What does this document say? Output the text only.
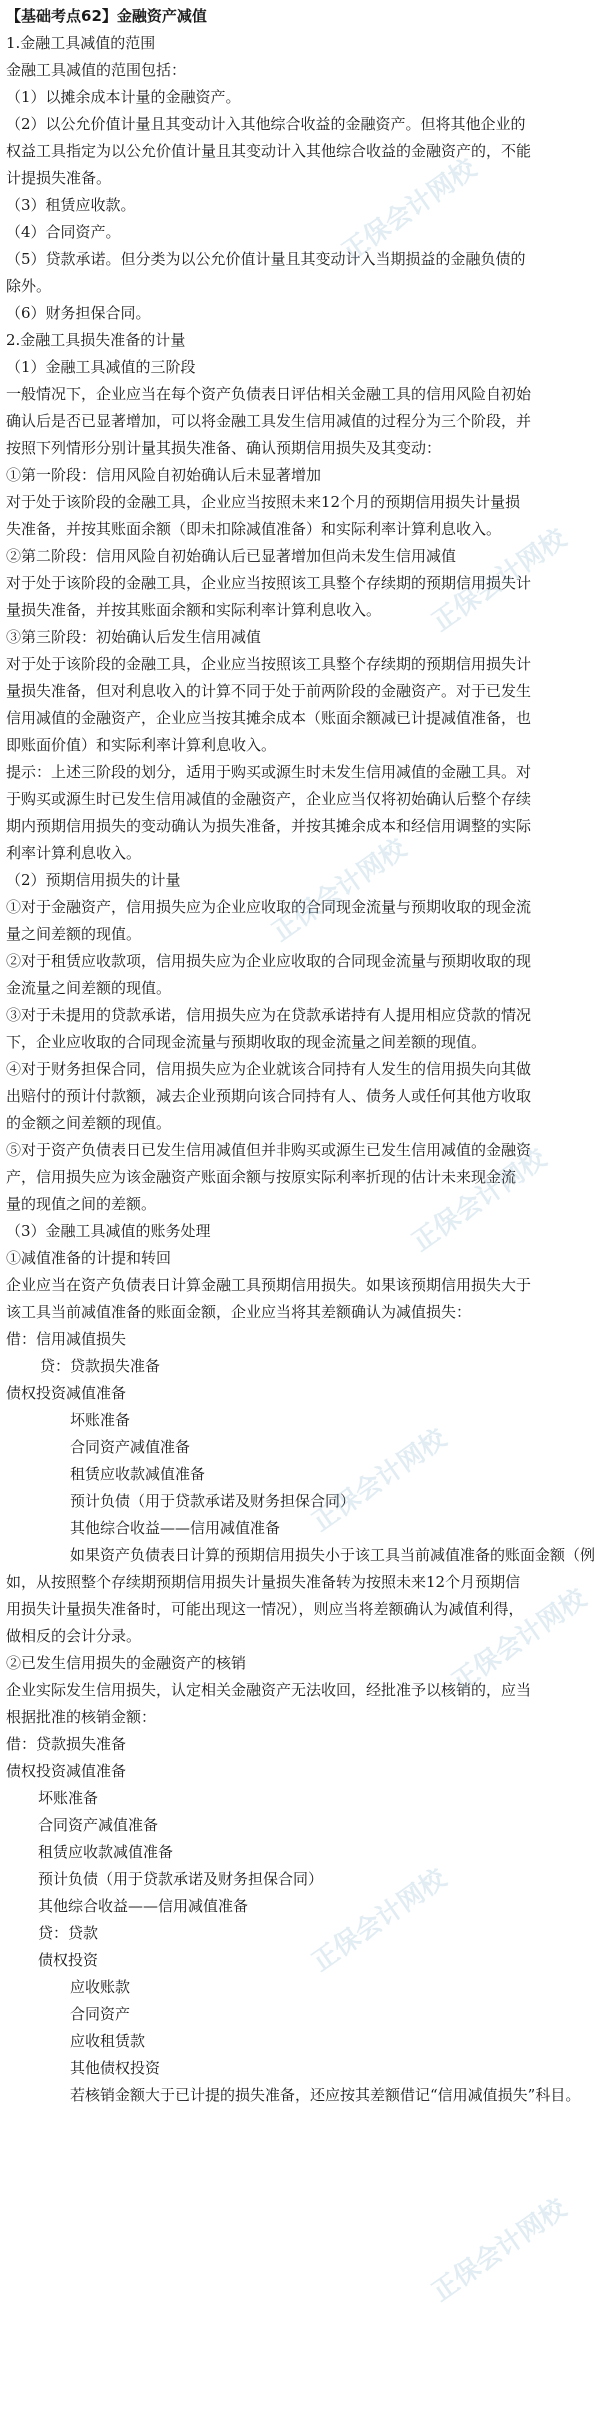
【基础考点62】金融资产减值
1.金融工具减值的范围
金融工具减值的范围包括：
（1）以摊余成本计量的金融资产。
（2）以公允价值计量且其变动计入其他综合收益的金融资产。但将其他企业的
权益工具指定为以公允价值计量且其变动计入其他综合收益的金融资产的，不能
计提损失准备。
（3）租赁应收款。
（4）合同资产。
（5）贷款承诺。但分类为以公允价值计量且其变动计入当期损益的金融负债的
除外。
（6）财务担保合同。
2.金融工具损失准备的计量
（1）金融工具减值的三阶段
一般情况下，企业应当在每个资产负债表日评估相关金融工具的信用风险自初始
确认后是否已显著增加，可以将金融工具发生信用减值的过程分为三个阶段，并
按照下列情形分别计量其损失准备、确认预期信用损失及其变动：
①第一阶段：信用风险自初始确认后未显著增加
对于处于该阶段的金融工具，企业应当按照未来12个月的预期信用损失计量损
失准备，并按其账面余额（即未扣除减值准备）和实际利率计算利息收入。
②第二阶段：信用风险自初始确认后已显著增加但尚未发生信用减值
对于处于该阶段的金融工具，企业应当按照该工具整个存续期的预期信用损失计
量损失准备，并按其账面余额和实际利率计算利息收入。
③第三阶段：初始确认后发生信用减值
对于处于该阶段的金融工具，企业应当按照该工具整个存续期的预期信用损失计
量损失准备，但对利息收入的计算不同于处于前两阶段的金融资产。对于已发生
信用减值的金融资产，企业应当按其摊余成本（账面余额减已计提减值准备，也
即账面价值）和实际利率计算利息收入。
提示：上述三阶段的划分，适用于购买或源生时未发生信用减值的金融工具。对
于购买或源生时已发生信用减值的金融资产，企业应当仅将初始确认后整个存续
期内预期信用损失的变动确认为损失准备，并按其摊余成本和经信用调整的实际
利率计算利息收入。
（2）预期信用损失的计量
①对于金融资产，信用损失应为企业应收取的合同现金流量与预期收取的现金流
量之间差额的现值。
②对于租赁应收款项，信用损失应为企业应收取的合同现金流量与预期收取的现
金流量之间差额的现值。
③对于未提用的贷款承诺，信用损失应为在贷款承诺持有人提用相应贷款的情况
下，企业应收取的合同现金流量与预期收取的现金流量之间差额的现值。
④对于财务担保合同，信用损失应为企业就该合同持有人发生的信用损失向其做
出赔付的预计付款额，减去企业预期向该合同持有人、债务人或任何其他方收取
的金额之间差额的现值。
⑤对于资产负债表日已发生信用减值但并非购买或源生已发生信用减值的金融资
产，信用损失应为该金融资产账面余额与按原实际利率折现的估计未来现金流
量的现值之间的差额。
（3）金融工具减值的账务处理
①减值准备的计提和转回
企业应当在资产负债表日计算金融工具预期信用损失。如果该预期信用损失大于
该工具当前减值准备的账面金额，企业应当将其差额确认为减值损失：
借：信用减值损失
贷：贷款损失准备
债权投资减值准备
坏账准备
合同资产减值准备
租赁应收款减值准备
预计负债（用于贷款承诺及财务担保合同）
其他综合收益——信用减值准备
如果资产负债表日计算的预期信用损失小于该工具当前减值准备的账面金额（例
如，从按照整个存续期预期信用损失计量损失准备转为按照未来12个月预期信
用损失计量损失准备时，可能出现这一情况），则应当将差额确认为减值利得，
做相反的会计分录。
②已发生信用损失的金融资产的核销
企业实际发生信用损失，认定相关金融资产无法收回，经批准予以核销的，应当
根据批准的核销金额：
借：贷款损失准备
债权投资减值准备
坏账准备
合同资产减值准备
租赁应收款减值准备
预计负债（用于贷款承诺及财务担保合同）
其他综合收益——信用减值准备
贷：贷款
债权投资
应收账款
合同资产
应收租赁款
其他债权投资
若核销金额大于已计提的损失准备，还应按其差额借记“信用减值损失”科目。
正保会计网校
正保会计网校
正保会计网校
正保会计网校
正保会计网校
正保会计网校
正保会计网校
正保会计网校
